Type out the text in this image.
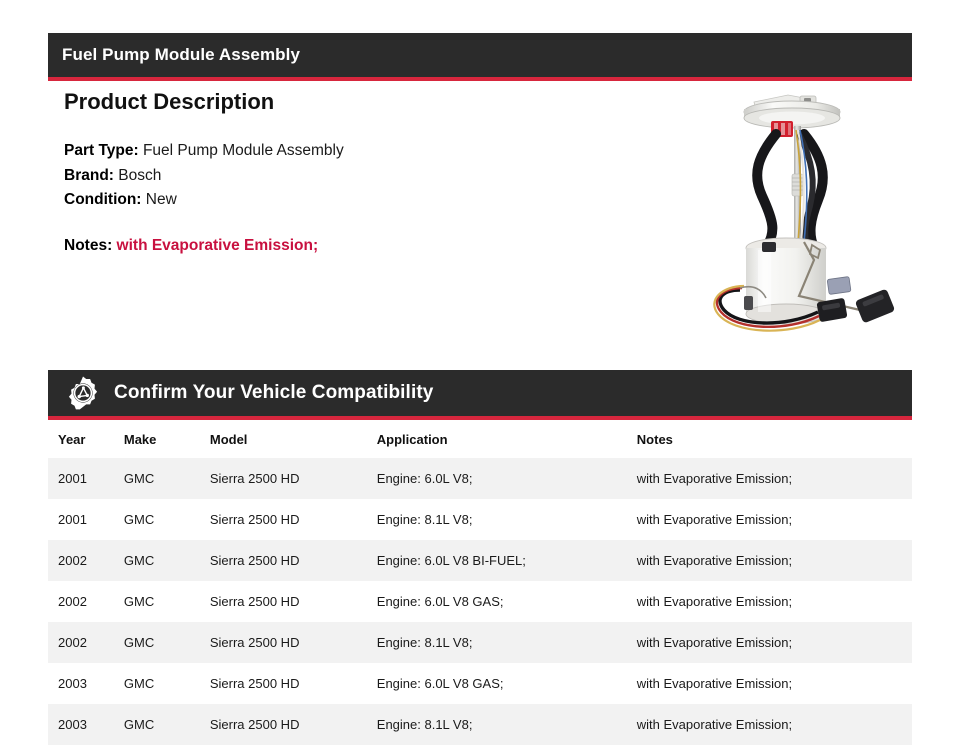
Fuel Pump Module Assembly
Product Description
Part Type: Fuel Pump Module Assembly
Brand: Bosch
Condition: New
Notes: with Evaporative Emission;
Confirm Your Vehicle Compatibility
Year	Make	Model	Application	Notes
2001	GMC	Sierra 2500 HD	Engine: 6.0L V8;	with Evaporative Emission;
2001	GMC	Sierra 2500 HD	Engine: 8.1L V8;	with Evaporative Emission;
2002	GMC	Sierra 2500 HD	Engine: 6.0L V8 BI-FUEL;	with Evaporative Emission;
2002	GMC	Sierra 2500 HD	Engine: 6.0L V8 GAS;	with Evaporative Emission;
2002	GMC	Sierra 2500 HD	Engine: 8.1L V8;	with Evaporative Emission;
2003	GMC	Sierra 2500 HD	Engine: 6.0L V8 GAS;	with Evaporative Emission;
2003	GMC	Sierra 2500 HD	Engine: 8.1L V8;	with Evaporative Emission;
